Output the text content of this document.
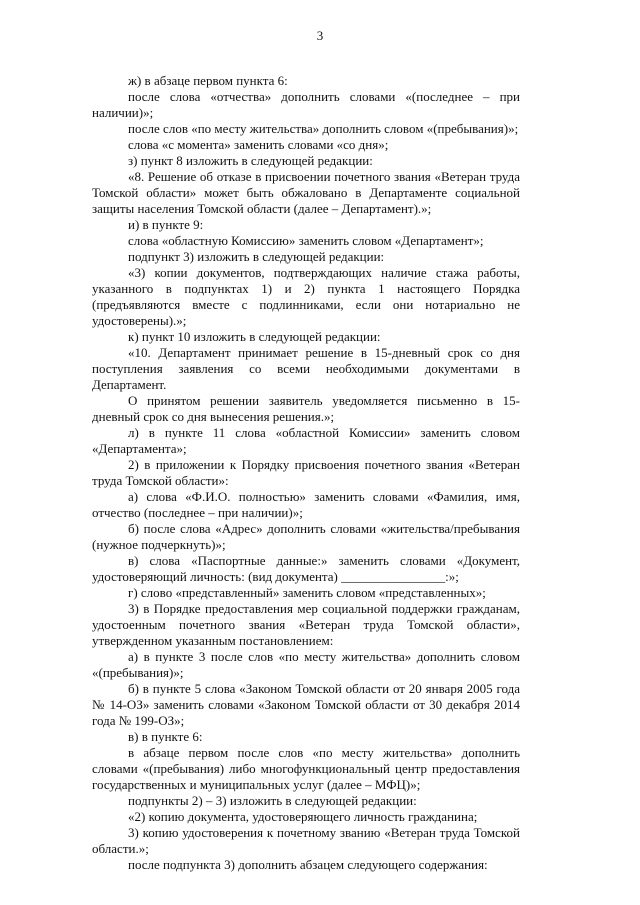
3

ж) в абзаце первом пункта 6:

после слова «отчества» дополнить словами «(последнее – при наличии)»;

после слов «по месту жительства» дополнить словом «(пребывания)»;

слова «с момента» заменить словами «со дня»;

з) пункт 8 изложить в следующей редакции:

«8. Решение об отказе в присвоении почетного звания «Ветеран труда Томской области» может быть обжаловано в Департаменте социальной защиты населения Томской области (далее – Департамент).»;

и) в пункте 9:

слова «областную Комиссию» заменить словом «Департамент»;

подпункт 3) изложить в следующей редакции:

«3) копии документов, подтверждающих наличие стажа работы, указанного в подпунктах 1) и 2) пункта 1 настоящего Порядка (предъявляются вместе с подлинниками, если они нотариально не удостоверены).»;

к) пункт 10 изложить в следующей редакции:

«10. Департамент принимает решение в 15-дневный срок со дня поступления заявления со всеми необходимыми документами в Департамент.

О принятом решении заявитель уведомляется письменно в 15-дневный срок со дня вынесения решения.»;

л) в пункте 11 слова «областной Комиссии» заменить словом «Департамента»;

2) в приложении к Порядку присвоения почетного звания «Ветеран труда Томской области»:

а) слова «Ф.И.О. полностью» заменить словами «Фамилия, имя, отчество (последнее – при наличии)»;

б) после слова «Адрес» дополнить словами «жительства/пребывания (нужное подчеркнуть)»;

в) слова «Паспортные данные:» заменить словами «Документ, удостоверяющий личность: (вид документа) ________________:»;

г) слово «представленный» заменить словом «представленных»;

3) в Порядке предоставления мер социальной поддержки гражданам, удостоенным почетного звания «Ветеран труда Томской области», утвержденном указанным постановлением:

а) в пункте 3 после слов «по месту жительства» дополнить словом «(пребывания)»;

б) в пункте 5 слова «Законом Томской области от 20 января 2005 года № 14-ОЗ» заменить словами «Законом Томской области от 30 декабря 2014 года № 199-ОЗ»;

в) в пункте 6:

в абзаце первом после слов «по месту жительства» дополнить словами «(пребывания) либо многофункциональный центр предоставления государственных и муниципальных услуг (далее – МФЦ)»;

подпункты 2) – 3) изложить в следующей редакции:

«2) копию документа, удостоверяющего личность гражданина;

3) копию удостоверения к почетному званию «Ветеран труда Томской области.»;

после подпункта 3) дополнить абзацем следующего содержания:
